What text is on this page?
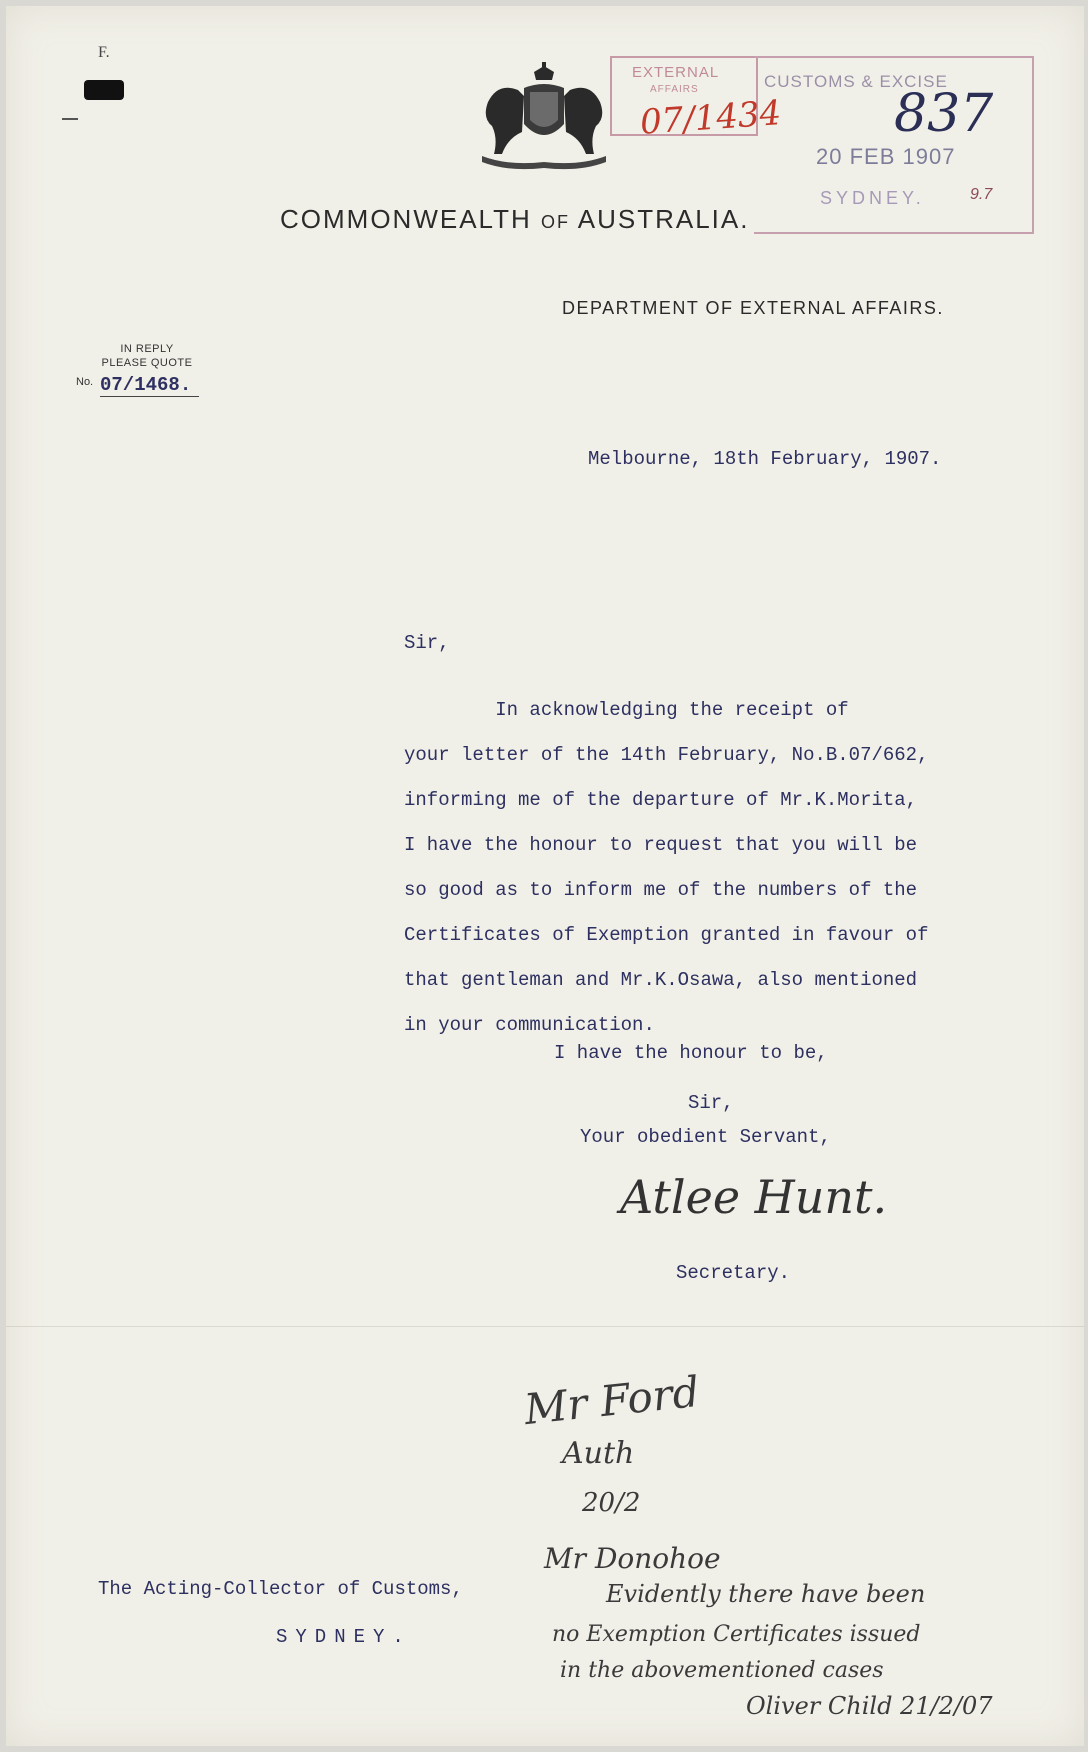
F.
COMMONWEALTH OF AUSTRALIA.
DEPARTMENT OF EXTERNAL AFFAIRS.
EXTERNAL
AFFAIRS
07/1434
CUSTOMS & EXCISE
837
20 FEB 1907
SYDNEY.	9.7
IN REPLY
PLEASE QUOTE
No. 07/1468.
Melbourne, 18th February, 1907.
Sir,
In acknowledging the receipt of
your letter of the 14th February, No.B.07/662,
informing me of the departure of Mr.K.Morita,
I have the honour to request that you will be
so good as to inform me of the numbers of the
Certificates of Exemption granted in favour of
that gentleman and Mr.K.Osawa, also mentioned
in your communication.
I have the honour to be,
Sir,
Your obedient Servant,
Atlee Hunt.
Secretary.
The Acting-Collector of Customs,
SYDNEY.
Mr Ford
Auth
20/2
Mr Donohoe
Evidently there have been
no Exemption Certificates issued
in the abovementioned cases
Oliver Child 21/2/07
